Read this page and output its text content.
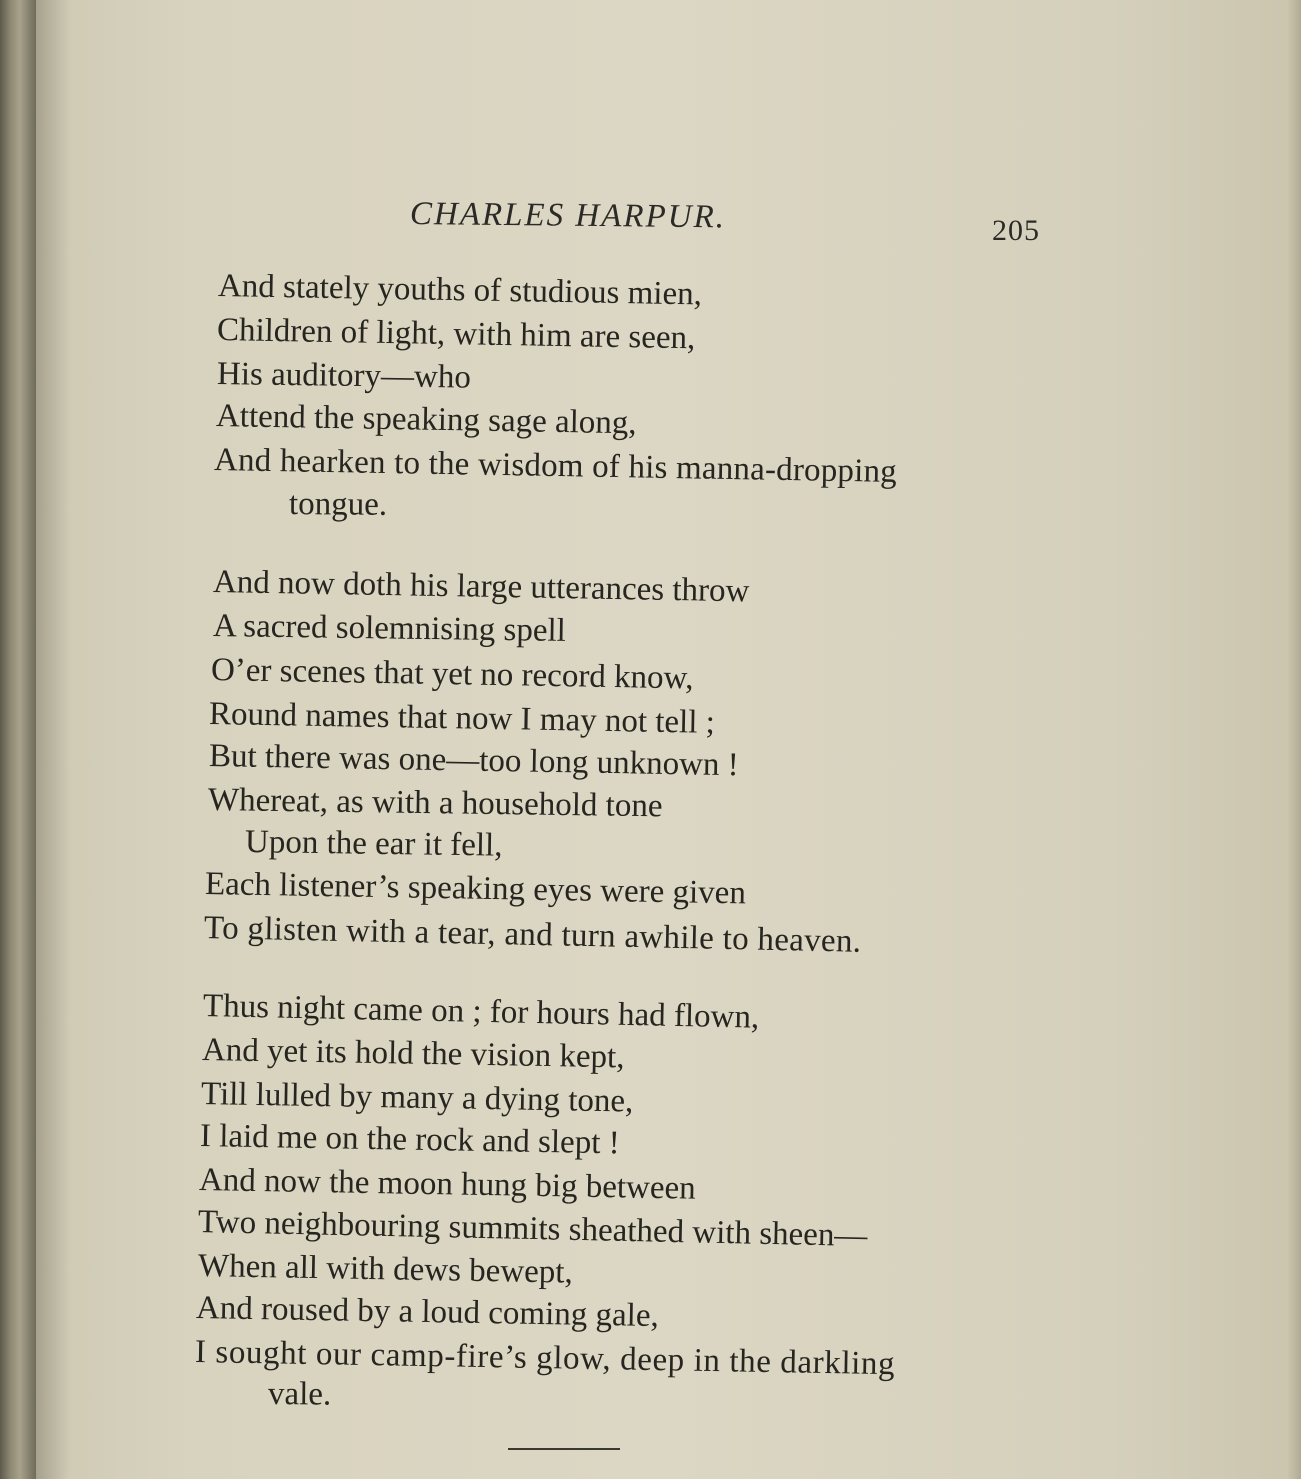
CHARLES HARPUR.	205
And stately youths of studious mien,
Children of light, with him are seen,
His auditory—who
Attend the speaking sage along,
And hearken to the wisdom of his manna-dropping
tongue.
And now doth his large utterances throw
A sacred solemnising spell
O’er scenes that yet no record know,
Round names that now I may not tell ;
But there was one—too long unknown !
Whereat, as with a household tone
Upon the ear it fell,
Each listener’s speaking eyes were given
To glisten with a tear, and turn awhile to heaven.
Thus night came on ; for hours had flown,
And yet its hold the vision kept,
Till lulled by many a dying tone,
I laid me on the rock and slept !
And now the moon hung big between
Two neighbouring summits sheathed with sheen—
When all with dews bewept,
And roused by a loud coming gale,
I sought our camp-fire’s glow, deep in the darkling
vale.
